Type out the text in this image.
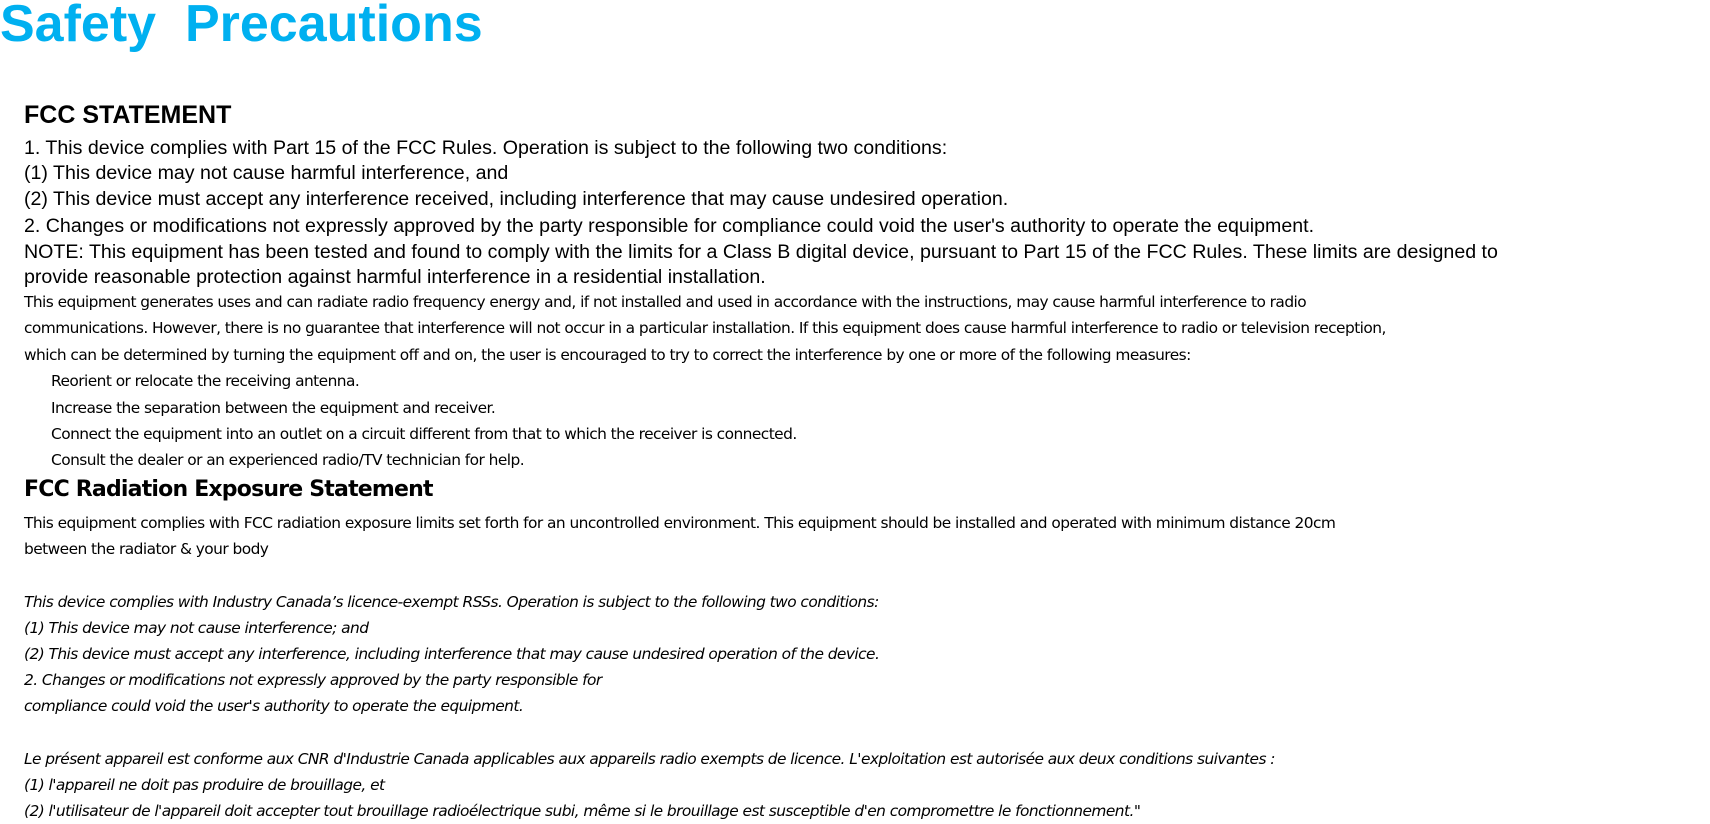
Safety  Precautions
FCC STATEMENT
1. This device complies with Part 15 of the FCC Rules. Operation is subject to the following two conditions:
(1) This device may not cause harmful interference, and
(2) This device must accept any interference received, including interference that may cause undesired operation.
2. Changes or modifications not expressly approved by the party responsible for compliance could void the user's authority to operate the equipment.
NOTE: This equipment has been tested and found to comply with the limits for a Class B digital device, pursuant to Part 15 of the FCC Rules. These limits are designed to
provide reasonable protection against harmful interference in a residential installation.
This equipment generates uses and can radiate radio frequency energy and, if not installed and used in accordance with the instructions, may cause harmful interference to radio
communications. However, there is no guarantee that interference will not occur in a particular installation. If this equipment does cause harmful interference to radio or television reception,
which can be determined by turning the equipment off and on, the user is encouraged to try to correct the interference by one or more of the following measures:
Reorient or relocate the receiving antenna.
Increase the separation between the equipment and receiver.
Connect the equipment into an outlet on a circuit different from that to which the receiver is connected.
Consult the dealer or an experienced radio/TV technician for help.
FCC Radiation Exposure Statement
This equipment complies with FCC radiation exposure limits set forth for an uncontrolled environment. This equipment should be installed and operated with minimum distance 20cm
between the radiator & your body
This device complies with Industry Canada’s licence-exempt RSSs. Operation is subject to the following two conditions:
(1) This device may not cause interference; and
(2) This device must accept any interference, including interference that may cause undesired operation of the device.
2. Changes or modifications not expressly approved by the party responsible for
compliance could void the user's authority to operate the equipment.
Le présent appareil est conforme aux CNR d'Industrie Canada applicables aux appareils radio exempts de licence. L'exploitation est autorisée aux deux conditions suivantes :
(1) l'appareil ne doit pas produire de brouillage, et
(2) l'utilisateur de l'appareil doit accepter tout brouillage radioélectrique subi, même si le brouillage est susceptible d'en compromettre le fonctionnement."
